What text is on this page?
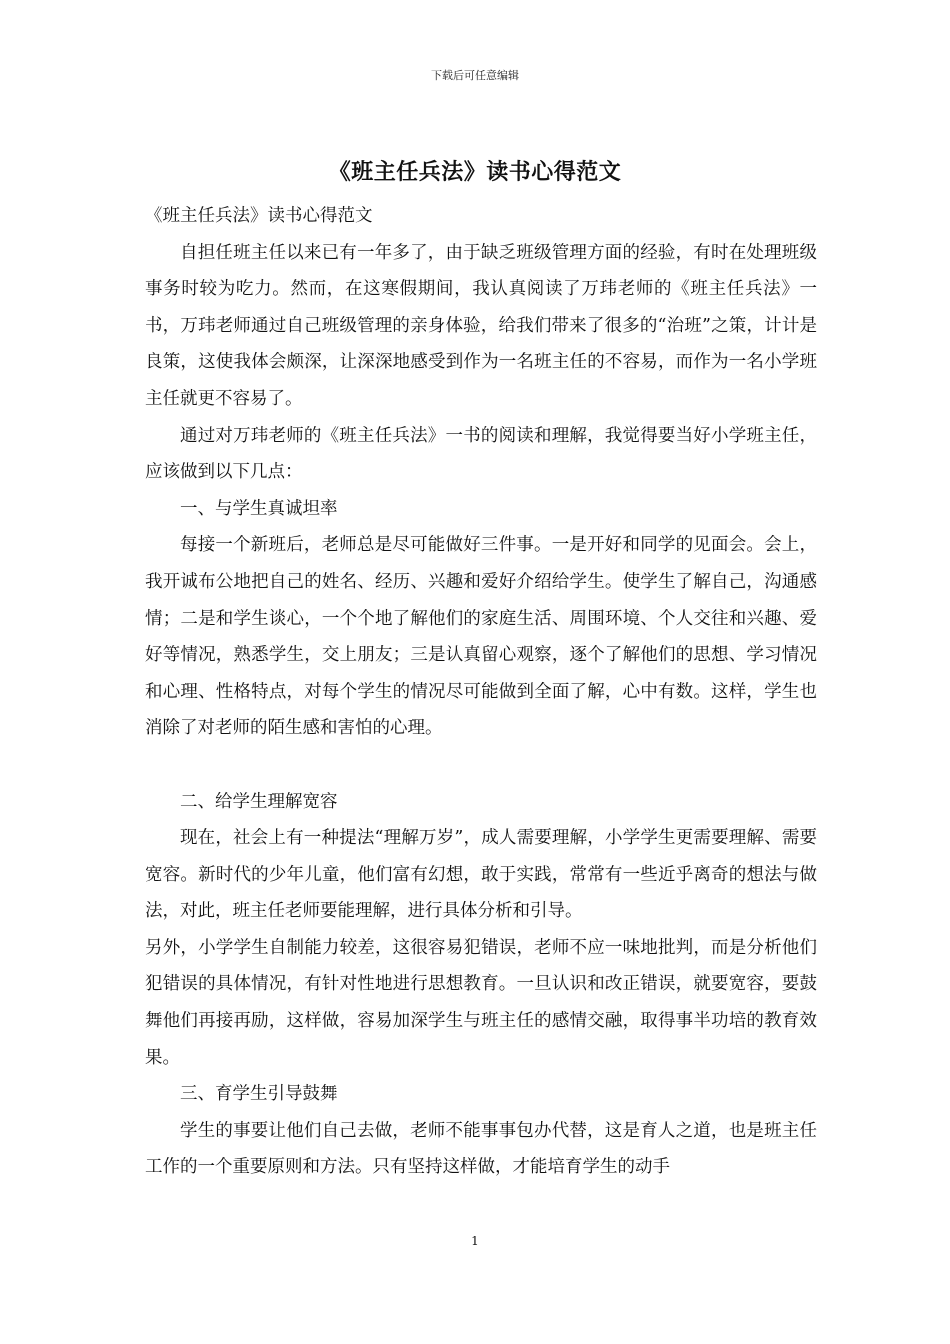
下载后可任意编辑
《班主任兵法》读书心得范文

《班主任兵法》读书心得范文

自担任班主任以来已有一年多了，由于缺乏班级管理方面的经验，有时在处理班级事务时较为吃力。然而，在这寒假期间，我认真阅读了万玮老师的《班主任兵法》一书，万玮老师通过自己班级管理的亲身体验，给我们带来了很多的“治班”之策，计计是良策，这使我体会颇深，让深深地感受到作为一名班主任的不容易，而作为一名小学班主任就更不容易了。

通过对万玮老师的《班主任兵法》一书的阅读和理解，我觉得要当好小学班主任，应该做到以下几点：

一、与学生真诚坦率

每接一个新班后，老师总是尽可能做好三件事。一是开好和同学的见面会。会上，我开诚布公地把自己的姓名、经历、兴趣和爱好介绍给学生。使学生了解自己，沟通感情；二是和学生谈心，一个个地了解他们的家庭生活、周围环境、个人交往和兴趣、爱好等情况，熟悉学生，交上朋友；三是认真留心观察，逐个了解他们的思想、学习情况和心理、性格特点，对每个学生的情况尽可能做到全面了解，心中有数。这样，学生也消除了对老师的陌生感和害怕的心理。

二、给学生理解宽容

现在，社会上有一种提法“理解万岁”，成人需要理解，小学学生更需要理解、需要宽容。新时代的少年儿童，他们富有幻想，敢于实践，常常有一些近乎离奇的想法与做法，对此，班主任老师要能理解，进行具体分析和引导。

另外，小学学生自制能力较差，这很容易犯错误，老师不应一味地批判，而是分析他们犯错误的具体情况，有针对性地进行思想教育。一旦认识和改正错误，就要宽容，要鼓舞他们再接再励，这样做，容易加深学生与班主任的感情交融，取得事半功培的教育效果。

三、育学生引导鼓舞

学生的事要让他们自己去做，老师不能事事包办代替，这是育人之道，也是班主任工作的一个重要原则和方法。只有坚持这样做，才能培育学生的动手

1
